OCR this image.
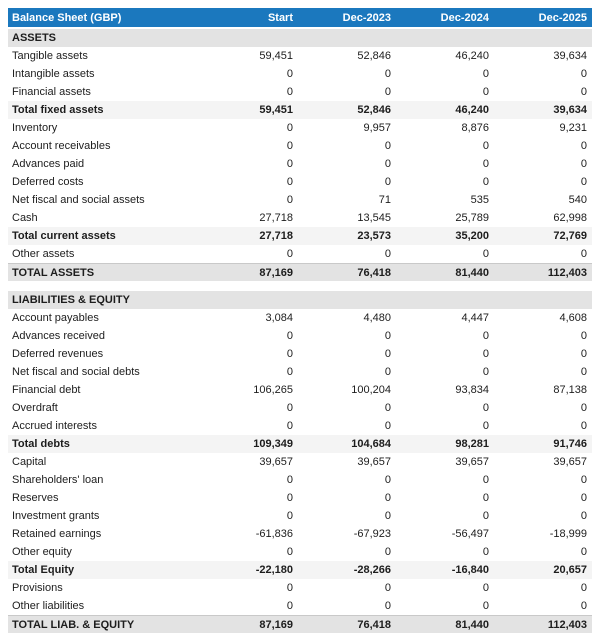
Balance Sheet (GBP)	Start	Dec-2023	Dec-2024	Dec-2025
ASSETS
Tangible assets	59,451	52,846	46,240	39,634
Intangible assets	0	0	0	0
Financial assets	0	0	0	0
Total fixed assets	59,451	52,846	46,240	39,634
Inventory	0	9,957	8,876	9,231
Account receivables	0	0	0	0
Advances paid	0	0	0	0
Deferred costs	0	0	0	0
Net fiscal and social assets	0	71	535	540
Cash	27,718	13,545	25,789	62,998
Total current assets	27,718	23,573	35,200	72,769
Other assets	0	0	0	0
TOTAL ASSETS	87,169	76,418	81,440	112,403
LIABILITIES & EQUITY
Account payables	3,084	4,480	4,447	4,608
Advances received	0	0	0	0
Deferred revenues	0	0	0	0
Net fiscal and social debts	0	0	0	0
Financial debt	106,265	100,204	93,834	87,138
Overdraft	0	0	0	0
Accrued interests	0	0	0	0
Total debts	109,349	104,684	98,281	91,746
Capital	39,657	39,657	39,657	39,657
Shareholders' loan	0	0	0	0
Reserves	0	0	0	0
Investment grants	0	0	0	0
Retained earnings	-61,836	-67,923	-56,497	-18,999
Other equity	0	0	0	0
Total Equity	-22,180	-28,266	-16,840	20,657
Provisions	0	0	0	0
Other liabilities	0	0	0	0
TOTAL LIAB. & EQUITY	87,169	76,418	81,440	112,403
